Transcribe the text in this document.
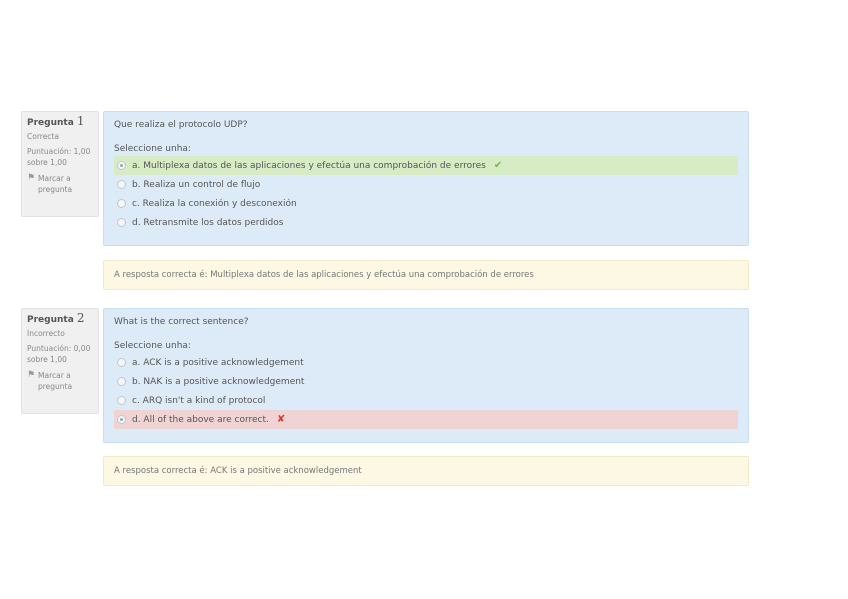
Pregunta 1
Correcta
Puntuación: 1,00 sobre 1,00
⚑ Marcar a pregunta
Que realiza el protocolo UDP?
Seleccione unha:
a. Multiplexa datos de las aplicaciones y efectúa una comprobación de errores ✔
b. Realiza un control de flujo
c. Realiza la conexión y desconexión
d. Retransmite los datos perdidos
A resposta correcta é: Multiplexa datos de las aplicaciones y efectúa una comprobación de errores
Pregunta 2
Incorrecto
Puntuación: 0,00 sobre 1,00
⚑ Marcar a pregunta
What is the correct sentence?
Seleccione unha:
a. ACK is a positive acknowledgement
b. NAK is a positive acknowledgement
c. ARQ isn't a kind of protocol
d. All of the above are correct. ✘
A resposta correcta é: ACK is a positive acknowledgement
